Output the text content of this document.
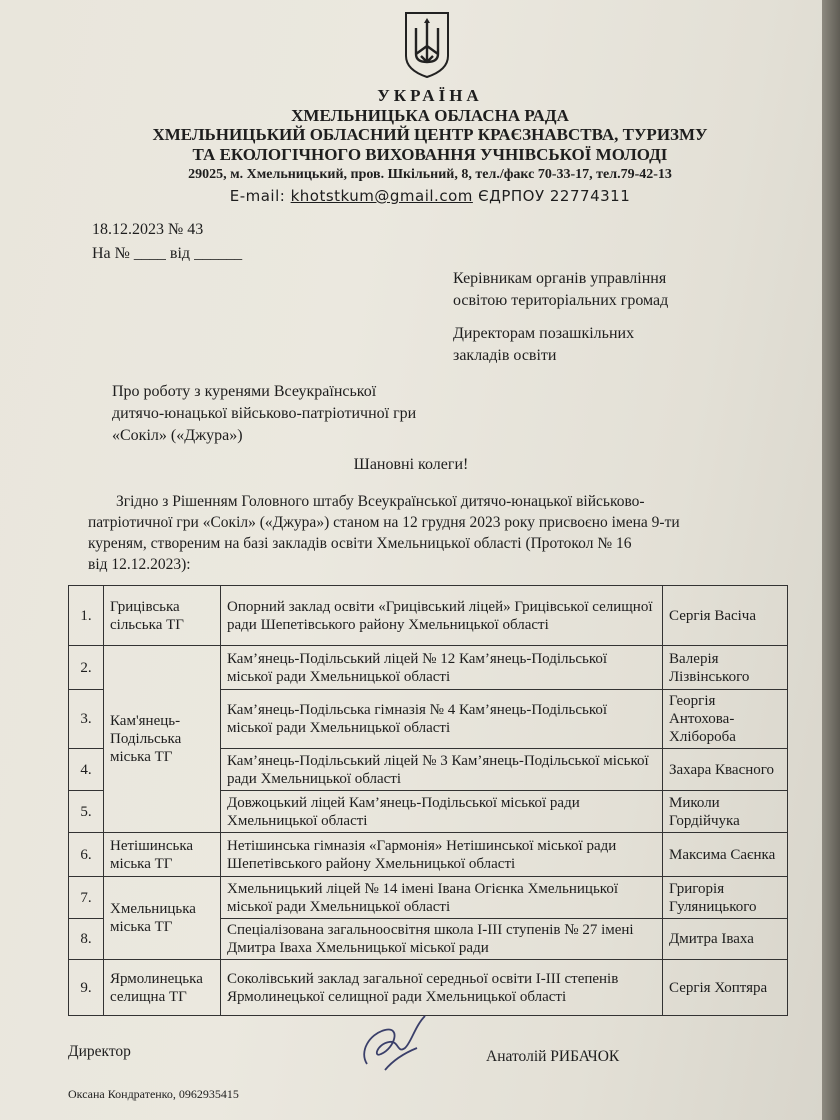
УКРАЇНА
ХМЕЛЬНИЦЬКА ОБЛАСНА РАДА
ХМЕЛЬНИЦЬКИЙ ОБЛАСНИЙ ЦЕНТР КРАЄЗНАВСТВА, ТУРИЗМУ
ТА ЕКОЛОГІЧНОГО ВИХОВАННЯ УЧНІВСЬКОЇ МОЛОДІ
29025, м. Хмельницький, пров. Шкільний, 8, тел./факс 70-33-17, тел.79-42-13
E-mail: khotstkum@gmail.com ЄДРПОУ 22774311
18.12.2023 № 43
На № ____ від ______
Керівникам органів управління
освітою територіальних громад
Директорам позашкільних
закладів освіти
Про роботу з куренями Всеукраїнської
дитячо-юнацької військово-патріотичної гри
«Сокіл» («Джура»)
Шановні колеги!
Згідно з Рішенням Головного штабу Всеукраїнської дитячо-юнацької військово-
патріотичної гри «Сокіл» («Джура») станом на 12 грудня 2023 року присвоєно імена 9-ти
куреням, створеним на базі закладів освіти Хмельницької області (Протокол № 16
від 12.12.2023):
1.	Грицівська сільська ТГ	Опорний заклад освіти «Грицівський ліцей» Грицівської селищної ради Шепетівського району Хмельницької області	Сергія Васіча
2.	Кам'янець-Подільська міська ТГ	Кам’янець-Подільський ліцей № 12 Кам’янець-Подільської міської ради Хмельницької області	Валерія Лізвінського
3.		Кам’янець-Подільська гімназія № 4 Кам’янець-Подільської міської ради Хмельницької області	Георгія Антохова-Хлібороба
4.		Кам’янець-Подільський ліцей № 3 Кам’янець-Подільської міської ради Хмельницької області	Захара Квасного
5.		Довжоцький ліцей Кам’янець-Подільської міської ради Хмельницької області	Миколи Гордійчука
6.	Нетішинська міська ТГ	Нетішинська гімназія «Гармонія» Нетішинської міської ради Шепетівського району Хмельницької області	Максима Саєнка
7.	Хмельницька міська ТГ	Хмельницький ліцей № 14 імені Івана Огієнка Хмельницької міської ради Хмельницької області	Григорія Гуляницького
8.		Спеціалізована загальноосвітня школа І-ІІІ ступенів № 27 імені Дмитра Іваха Хмельницької міської ради	Дмитра Іваха
9.	Ярмолинецька селищна ТГ	Соколівський заклад загальної середньої освіти І-ІІІ степенів Ярмолинецької селищної ради Хмельницької області	Сергія Хоптяра
Директор	Анатолій РИБАЧОК
Оксана Кондратенко, 0962935415
